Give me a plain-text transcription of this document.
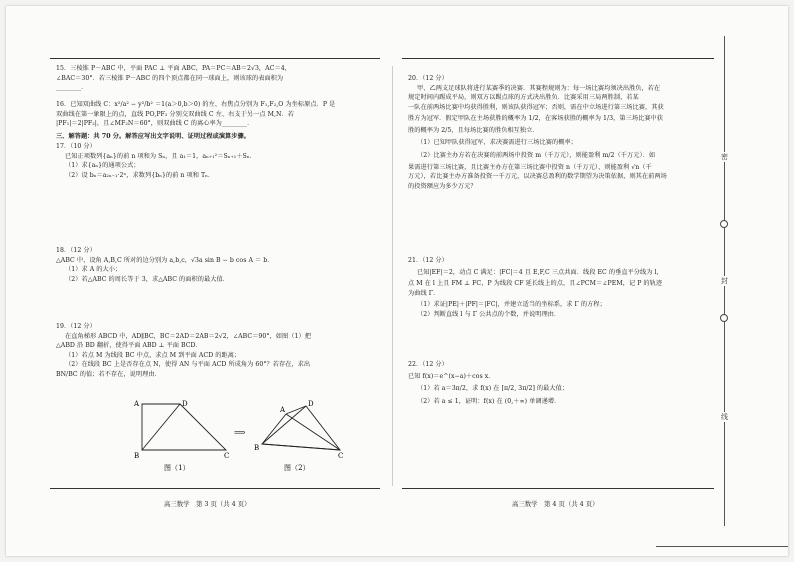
15．三棱锥 P－ABC 中，平面 PAC ⊥ 平面 ABC，PA＝PC＝AB＝2√3，AC＝4，

∠BAC＝30°．若三棱锥 P－ABC 的四个顶点都在同一球面上，则该球的表面积为

________．

16．已知双曲线 C：x²/a² − y²/b² ＝1(a＞0,b＞0) 的左、右焦点分别为 F₁,F₂,O 为坐标原点．P 是

双曲线在第一象限上的点，直线 PO,PF₂ 分别交双曲线 C 左、右支于另一点 M,N．若

|PF₁|＝2|PF₂|，且∠MF₂N＝60°，则双曲线 C 的离心率为________．

三、解答题：共 70 分。解答应写出文字说明、证明过程或演算步骤。

17．（10 分）

已知正项数列{aₙ}的前 n 项和为 Sₙ，且 a₁＝1，aₙ₊₁²＝Sₙ₊₁＋Sₙ．

（1）求{aₙ}的通项公式；

（2）设 bₙ＝a₂ₙ₋₁·2ⁿ，求数列{bₙ}的前 n 项和 Tₙ．

18．（12 分）

△ABC 中，设角 A,B,C 所对的边分别为 a,b,c，√3a sin B − b cos A ＝ b．

（1）求 A 的大小；

（2）若△ABC 的周长等于 3，求△ABC 的面积的最大值．

19．（12 分）

在直角梯形 ABCD 中，AD∥BC，BC＝2AD＝2AB＝2√2，∠ABC＝90°，如图（1）把

△ABD 沿 BD 翻折，使得平面 ABD ⊥ 平面 BCD．

（1）若点 M 为线段 BC 中点，求点 M 到平面 ACD 的距离；

（2）在线段 BC 上是否存在点 N，使得 AN 与平面 ACD 所成角为 60°？若存在，求出

BN/BC 的值；若不存在，说明理由．

A	D
B	C
图（1）
⟹
A
D
B
C
图（2）
高三数学　第 3 页（共 4 页）

20．（12 分）

甲、乙两支足球队将进行某赛季的决赛．其赛程规则为：每一场比赛均须决出胜负，若在

规定时间内踢成平局，则双方以踢点球的方式决出胜负．比赛采用三局两胜制，若某

一队在前两场比赛中均获得胜利，则该队获得冠军；否则，需在中立场进行第三场比赛，其获

胜方为冠军．假定甲队在主场获胜的概率为 1/2，在客场获胜的概率为 1/3，第三场比赛中获

胜的概率为 2/5，且每场比赛的胜负相互独立．

（1）已知甲队获得冠军，求决赛需进行三场比赛的概率；

（2）比赛主办方若在决赛的前两场中投资 m（千万元），则能盈利 m/2（千万元）．如

果需进行第三场比赛，且比赛主办方在第三场比赛中投资 n（千万元），则能盈利 √n（千

万元），若比赛主办方准备投资一千万元，以决赛总盈利的数学期望为决策依据，则其在前两场

的投资额应为多少万元？

21．（12 分）

已知|EF|＝2，动点 C 满足：|FC|＝4 且 E,F,C 三点共面．线段 EC 的垂直平分线为 l，

点 M 在 l 上且 FM ⊥ FC，P 为线段 CF 延长线上的点，且∠PCM＝∠PEM，记 P 的轨迹

为曲线 Γ．

（1）求证|PE|＋|PF|＝|FC|，并建立适当的坐标系，求 Γ 的方程；

（2）判断直线 l 与 Γ 公共点的个数，并说明理由．

22．（12 分）

已知 f(x)＝e^(x−a)＋cos x．

（1）若 a＝3π/2，求 f(x) 在 [π/2, 3π/2] 的最大值；

（2）若 a ≤ 1，证明：f(x) 在 (0,＋∞) 单调递增．

高三数学　第 4 页（共 4 页）
密
封
线
